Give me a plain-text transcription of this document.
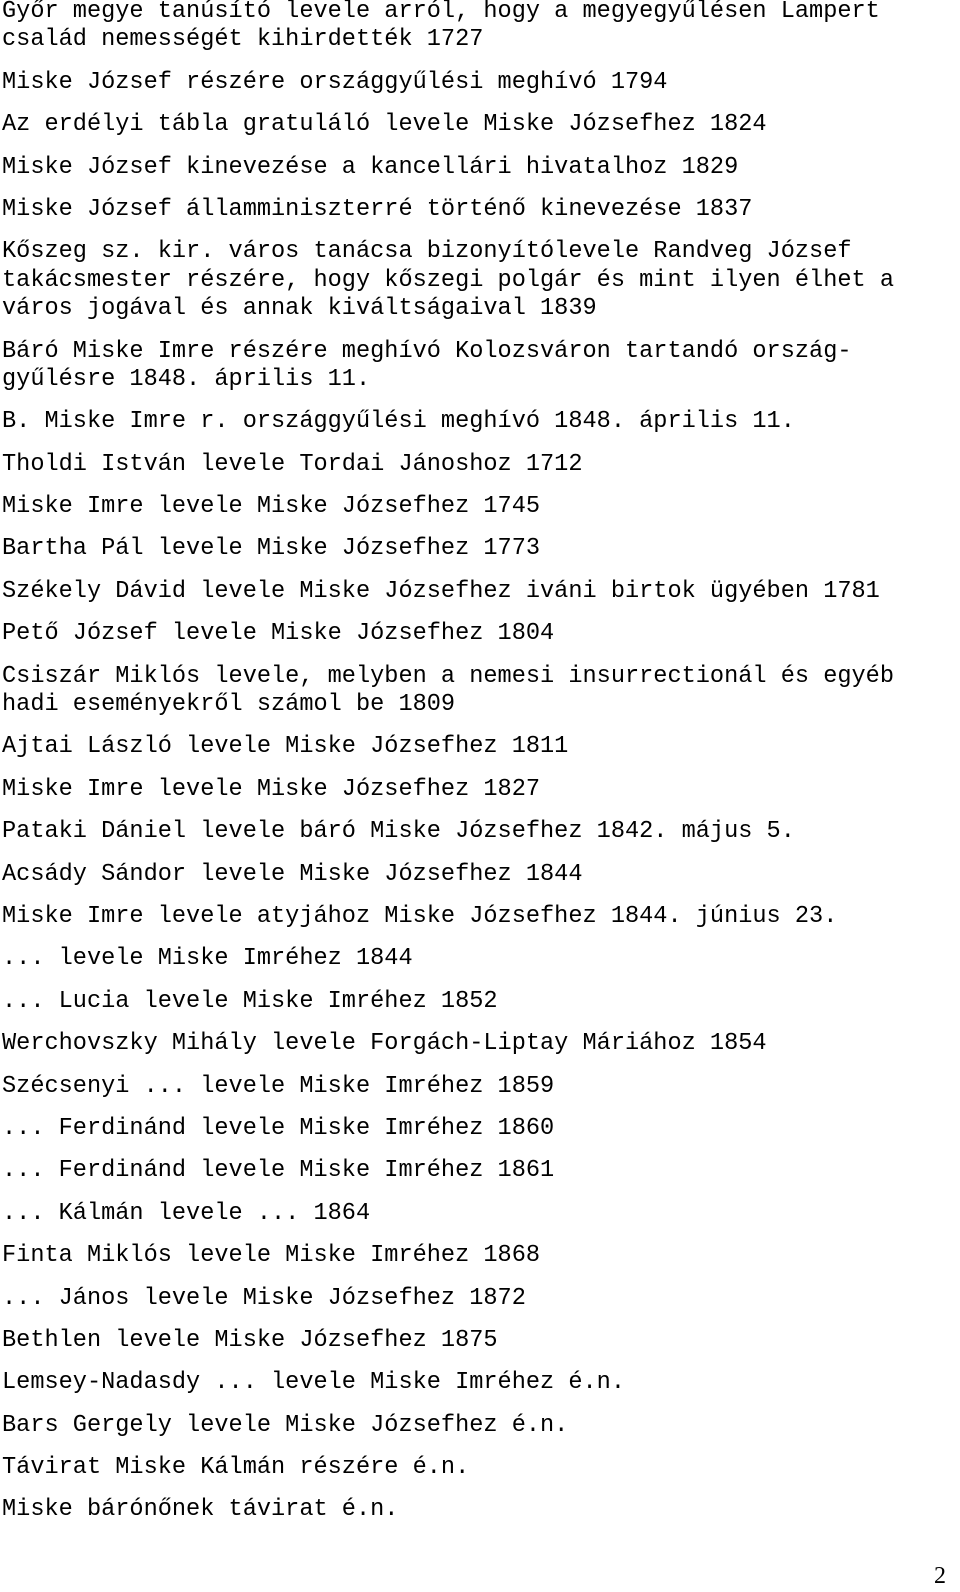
Győr megye tanúsító levele arról, hogy a megyegyűlésen Lampert
család nemességét kihirdették 1727
Miske József részére országgyűlési meghívó 1794
Az erdélyi tábla gratuláló levele Miske Józsefhez 1824
Miske József kinevezése a kancellári hivatalhoz 1829
Miske József államminiszterré történő kinevezése 1837
Kőszeg sz. kir. város tanácsa bizonyítólevele Randveg József
takácsmester részére, hogy kőszegi polgár és mint ilyen élhet a
város jogával és annak kiváltságaival 1839
Báró Miske Imre részére meghívó Kolozsváron tartandó ország-
gyűlésre 1848. április 11.
B. Miske Imre r. országgyűlési meghívó 1848. április 11.
Tholdi István levele Tordai Jánoshoz 1712
Miske Imre levele Miske Józsefhez 1745
Bartha Pál levele Miske Józsefhez 1773
Székely Dávid levele Miske Józsefhez iváni birtok ügyében 1781
Pető József levele Miske Józsefhez 1804
Csiszár Miklós levele, melyben a nemesi insurrectionál és egyéb
hadi eseményekről számol be 1809
Ajtai László levele Miske Józsefhez 1811
Miske Imre levele Miske Józsefhez 1827
Pataki Dániel levele báró Miske Józsefhez 1842. május 5.
Acsády Sándor levele Miske Józsefhez 1844
Miske Imre levele atyjához Miske Józsefhez 1844. június 23.
... levele Miske Imréhez 1844
... Lucia levele Miske Imréhez 1852
Werchovszky Mihály levele Forgách-Liptay Máriához 1854
Szécsenyi ... levele Miske Imréhez 1859
... Ferdinánd levele Miske Imréhez 1860
... Ferdinánd levele Miske Imréhez 1861
... Kálmán levele ... 1864
Finta Miklós levele Miske Imréhez 1868
... János levele Miske Józsefhez 1872
Bethlen levele Miske Józsefhez 1875
Lemsey-Nadasdy ... levele Miske Imréhez é.n.
Bars Gergely levele Miske Józsefhez é.n.
Távirat Miske Kálmán részére é.n.
Miske bárónőnek távirat é.n.
2
